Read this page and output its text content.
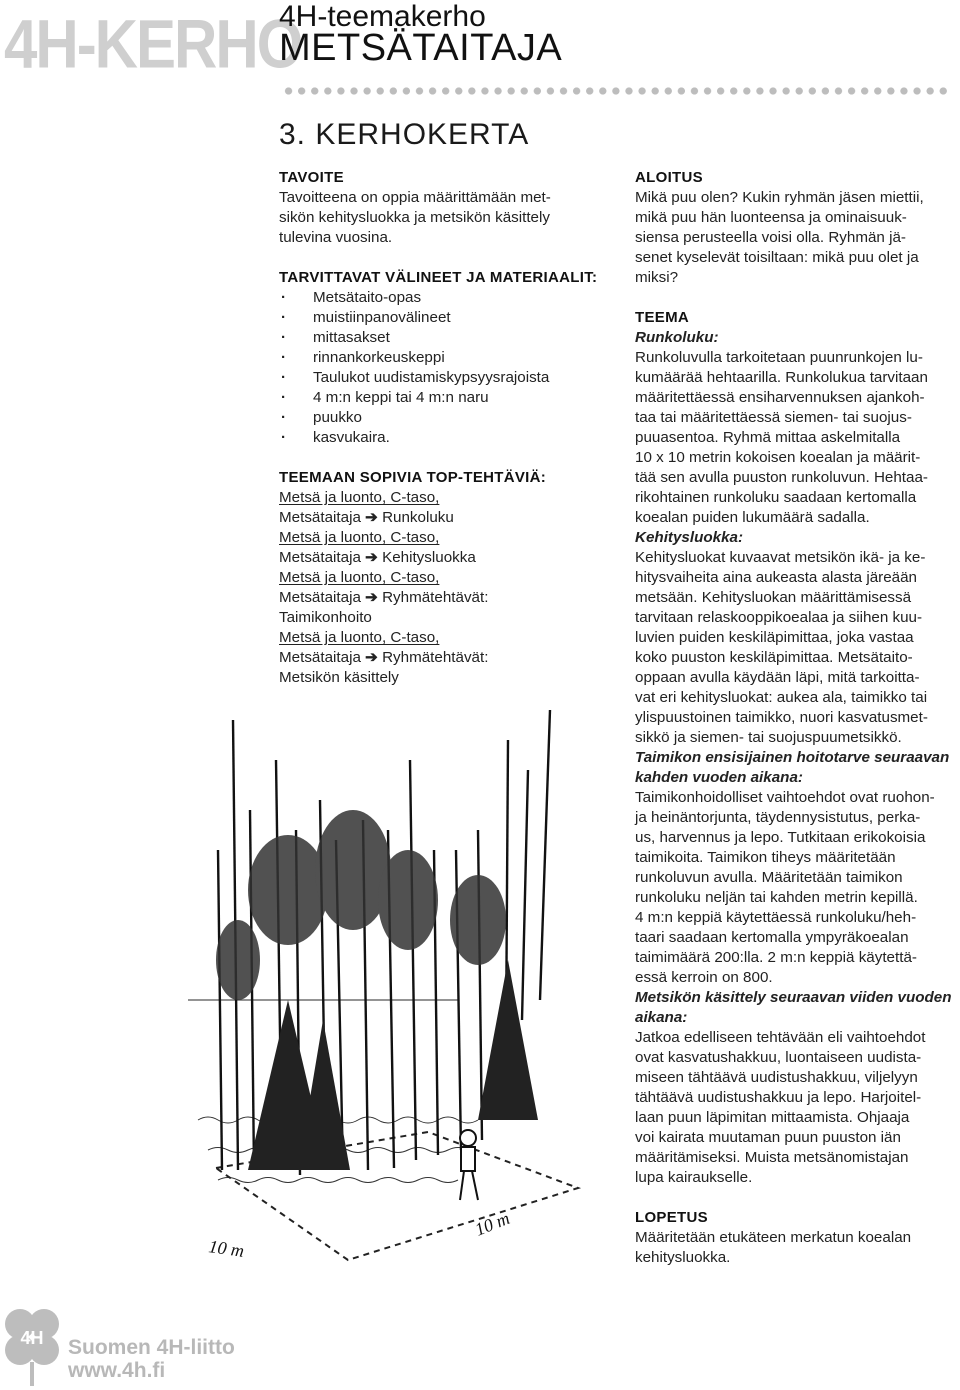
4H-KERHO
4H-teemakerho
METSÄTAITAJA
3. KERHOKERTA
TAVOITE

Tavoitteena on oppia määrittämään met-
sikön kehitysluokka ja metsikön käsittely
tulevina vuosina.

TARVITTAVAT VÄLINEET JA MATERIAALIT:
· Metsätaito-opas
· muistiinpanovälineet
· mittasakset
· rinnankorkeuskeppi
· Taulukot uudistamiskypsyysrajoista
· 4 m:n keppi tai 4 m:n naru
· puukko
· kasvukaira.
TEEMAAN SOPIVIA TOP-TEHTÄVIÄ:
Metsä ja luonto, C-taso,
Metsätaitaja ➔ Runkoluku
Metsä ja luonto, C-taso,
Metsätaitaja ➔ Kehitysluokka
Metsä ja luonto, C-taso,
Metsätaitaja ➔ Ryhmätehtävät:
Taimikonhoito
Metsä ja luonto, C-taso,
Metsätaitaja ➔ Ryhmätehtävät:
Metsikön käsittely
ALOITUS

Mikä puu olen? Kukin ryhmän jäsen miettii,
mikä puu hän luonteensa ja ominaisuuk-
siensa perusteella voisi olla. Ryhmän jä-
senet kyselevät toisiltaan: mikä puu olet ja
miksi?

TEEMA
Runkoluku:

Runkoluvulla tarkoitetaan puunrunkojen lu-
kumäärää hehtaarilla. Runkolukua tarvitaan
määritettäessä ensiharvennuksen ajankoh-
taa tai määritettäessä siemen- tai suojus-
puuasentoa. Ryhmä mittaa askelmitalla
10 x 10 metrin kokoisen koealan ja määrit-
tää sen avulla puuston runkoluvun. Hehtaa-
rikohtainen runkoluku saadaan kertomalla
koealan puiden lukumäärä sadalla.

Kehitysluokka:

Kehitysluokat kuvaavat metsikön ikä- ja ke-
hitysvaiheita aina aukeasta alasta järeään
metsään. Kehitysluokan määrittämisessä
tarvitaan relaskooppikoealaa ja siihen kuu-
luvien puiden keskiläpimittaa, joka vastaa
koko puuston keskiläpimittaa. Metsätaito-
oppaan avulla käydään läpi, mitä tarkoitta-
vat eri kehitysluokat: aukea ala, taimikko tai
ylispuustoinen taimikko, nuori kasvatusmet-
sikkö ja siemen- tai suojuspuumetsikkö.

Taimikon ensisijainen hoitotarve seuraavan
kahden vuoden aikana:

Taimikonhoidolliset vaihtoehdot ovat ruohon-
ja heinäntorjunta, täydennysistutus, perka-
us, harvennus ja lepo. Tutkitaan erikokoisia
taimikoita. Taimikon tiheys määritetään
runkoluvun avulla. Määritetään taimikon
runkoluku neljän tai kahden metrin kepillä.
4 m:n keppiä käytettäessä runkoluku/heh-
taari saadaan kertomalla ympyräkoealan
taimimäärä 200:lla. 2 m:n keppiä käytettä-
essä kerroin on 800.

Metsikön käsittely seuraavan viiden vuoden
aikana:

Jatkoa edelliseen tehtävään eli vaihtoehdot
ovat kasvatushakkuu, luontaiseen uudista-
miseen tähtäävä uudistushakkuu, viljelyyn
tähtäävä uudistushakkuu ja lepo. Harjoitel-
laan puun läpimitan mittaamista. Ohjaaja
voi kairata muutaman puun puuston iän
määritämiseksi. Muista metsänomistajan
lupa kairaukselle.

LOPETUS

Määritetään etukäteen merkatun koealan
kehitysluokka.

10 m
10 m
4H Suomen 4H-liitto
www.4h.fi
